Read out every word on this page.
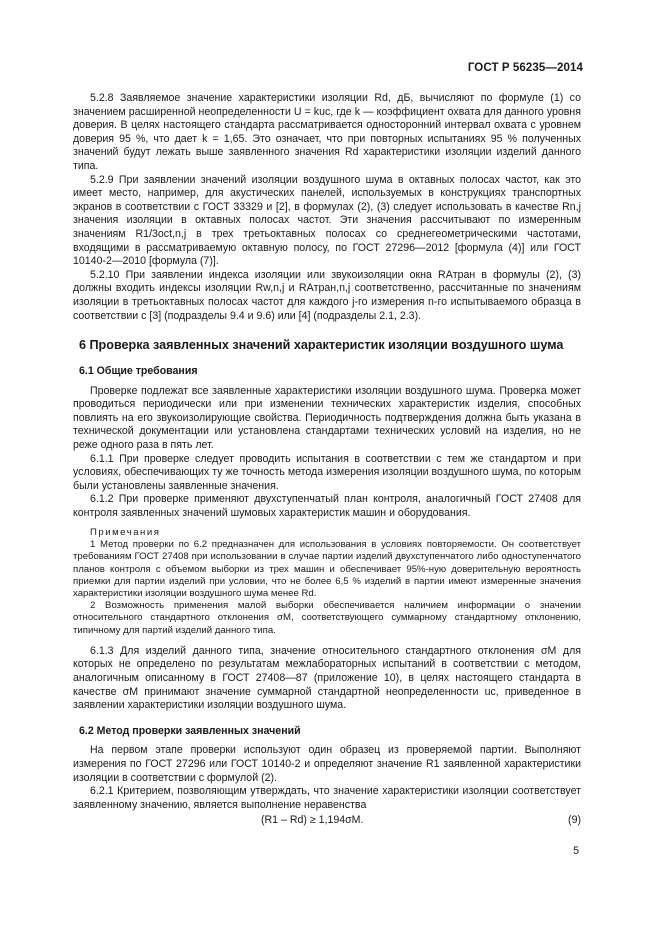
ГОСТ Р 56235—2014

5.2.8 Заявляемое значение характеристики изоляции Rd, дБ, вычисляют по формуле (1) со значением расширенной неопределенности U = kuc, где k — коэффициент охвата для данного уровня доверия. В целях настоящего стандарта рассматривается односторонний интервал охвата с уровнем доверия 95 %, что дает k = 1,65. Это означает, что при повторных испытаниях 95 % полученных значений будут лежать выше заявленного значения Rd характеристики изоляции изделий данного типа.

5.2.9 При заявлении значений изоляции воздушного шума в октавных полосах частот, как это имеет место, например, для акустических панелей, используемых в конструкциях транспортных экранов в соответствии с ГОСТ 33329 и [2], в формулах (2), (3) следует использовать в качестве Rn,j значения изоляции в октавных полосах частот. Эти значения рассчитывают по измеренным значениям R1/3oct,n,j в трех третьоктавных полосах со среднегеометрическими частотами, входящими в рассматриваемую октавную полосу, по ГОСТ 27296—2012 [формула (4)] или ГОСТ 10140-2—2010 [формула (7)].

5.2.10 При заявлении индекса изоляции или звукоизоляции окна RAтран в формулы (2), (3) должны входить индексы изоляции Rw,n,j и RAтран,n,j соответственно, рассчитанные по значениям изоляции в третьоктавных полосах частот для каждого j-го измерения n-го испытываемого образца в соответствии с [3] (подразделы 9.4 и 9.6) или [4] (подразделы 2.1, 2.3).

6 Проверка заявленных значений характеристик изоляции воздушного шума

6.1 Общие требования

Проверке подлежат все заявленные характеристики изоляции воздушного шума. Проверка может проводиться периодически или при изменении технических характеристик изделия, способных повлиять на его звукоизолирующие свойства. Периодичность подтверждения должна быть указана в технической документации или установлена стандартами технических условий на изделия, но не реже одного раза в пять лет.

6.1.1 При проверке следует проводить испытания в соответствии с тем же стандартом и при условиях, обеспечивающих ту же точность метода измерения изоляции воздушного шума, по которым были установлены заявленные значения.

6.1.2 При проверке применяют двухступенчатый план контроля, аналогичный ГОСТ 27408 для контроля заявленных значений шумовых характеристик машин и оборудования.

Примечания

1 Метод проверки по 6.2 предназначен для использования в условиях повторяемости. Он соответствует требованиям ГОСТ 27408 при использовании в случае партии изделий двухступенчатого либо одноступенчатого планов контроля с объемом выборки из трех машин и обеспечивает 95%-ную доверительную вероятность приемки для партии изделий при условии, что не более 6,5 % изделий в партии имеют измеренные значения характеристики изоляции воздушного шума менее Rd.

2 Возможность применения малой выборки обеспечивается наличием информации о значении относительного стандартного отклонения σM, соответствующего суммарному стандартному отклонению, типичному для партий изделий данного типа.

6.1.3 Для изделий данного типа, значение относительного стандартного отклонения σM для которых не определено по результатам межлабораторных испытаний в соответствии с методом, аналогичным описанному в ГОСТ 27408—87 (приложение 10), в целях настоящего стандарта в качестве σM принимают значение суммарной стандартной неопределенности uc, приведенное в заявлении характеристики изоляции воздушного шума.

6.2 Метод проверки заявленных значений

На первом этапе проверки используют один образец из проверяемой партии. Выполняют измерения по ГОСТ 27296 или ГОСТ 10140-2 и определяют значение R1 заявленной характеристики изоляции в соответствии с формулой (2).

6.2.1 Критерием, позволяющим утверждать, что значение характеристики изоляции соответствует заявленному значению, является выполнение неравенства

(R1 – Rd) ≥ 1,194σM.	(9)
5
